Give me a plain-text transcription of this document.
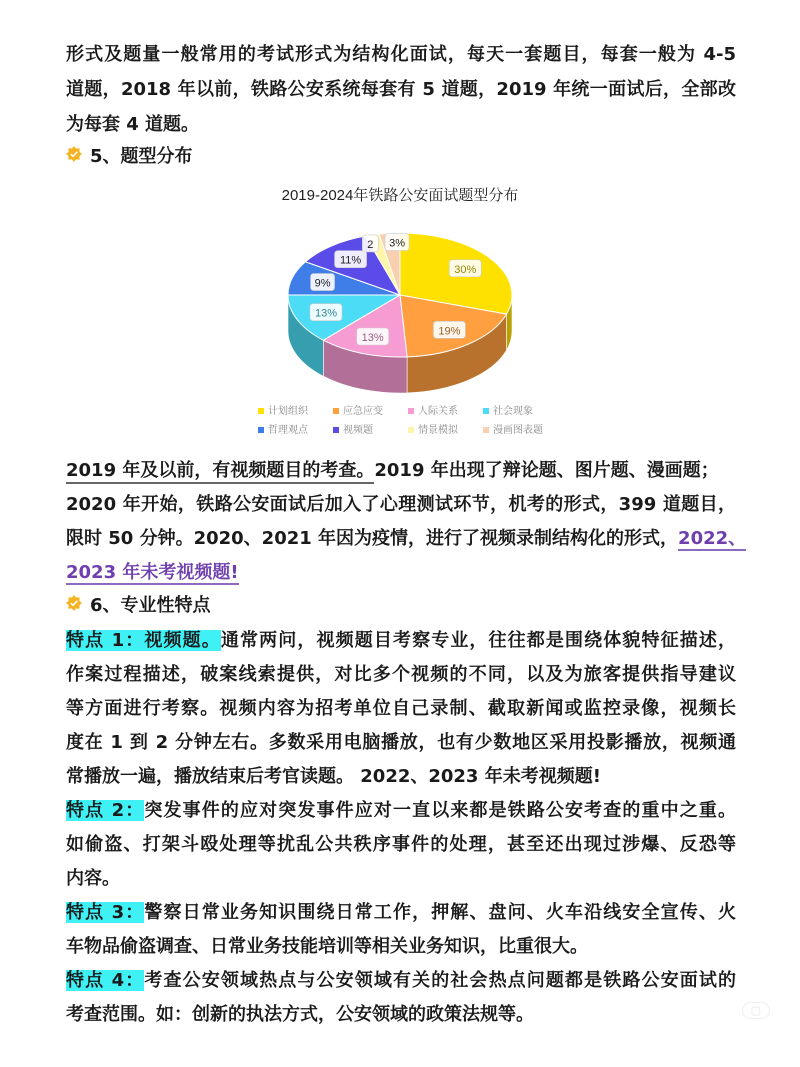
形式及题量一般常用的考试形式为结构化面试，每天一套题目，每套一般为 4-5
道题，2018 年以前，铁路公安系统每套有 5 道题，2019 年统一面试后，全部改
为每套 4 道题。
5、题型分布
2019 年及以前，有视频题目的考查。2019 年出现了辩论题、图片题、漫画题；
2020 年开始，铁路公安面试后加入了心理测试环节，机考的形式，399 道题目，
限时 50 分钟。2020、2021 年因为疫情，进行了视频录制结构化的形式，2022、
2023 年未考视频题!
6、专业性特点
特点 1：视频题。通常两问，视频题目考察专业，往往都是围绕体貌特征描述，
作案过程描述，破案线索提供，对比多个视频的不同，以及为旅客提供指导建议
等方面进行考察。视频内容为招考单位自己录制、截取新闻或监控录像，视频长
度在 1 到 2 分钟左右。多数采用电脑播放，也有少数地区采用投影播放，视频通
常播放一遍，播放结束后考官读题。 2022、2023 年未考视频题!
特点 2：突发事件的应对突发事件应对一直以来都是铁路公安考查的重中之重。
如偷盗、打架斗殴处理等扰乱公共秩序事件的处理，甚至还出现过涉爆、反恐等
内容。
特点 3：警察日常业务知识围绕日常工作，押解、盘问、火车沿线安全宣传、火
车物品偷盗调查、日常业务技能培训等相关业务知识，比重很大。
特点 4：考查公安领域热点与公安领域有关的社会热点问题都是铁路公安面试的
考查范围。如：创新的执法方式，公安领域的政策法规等。
2019-2024年铁路公安面试题型分布
30%
19%
13%
13%
9%
11%
2 3%
计划组织	应急应变	人际关系	社会现象
哲理观点	视频题	情景模拟	漫画图表题
▢
